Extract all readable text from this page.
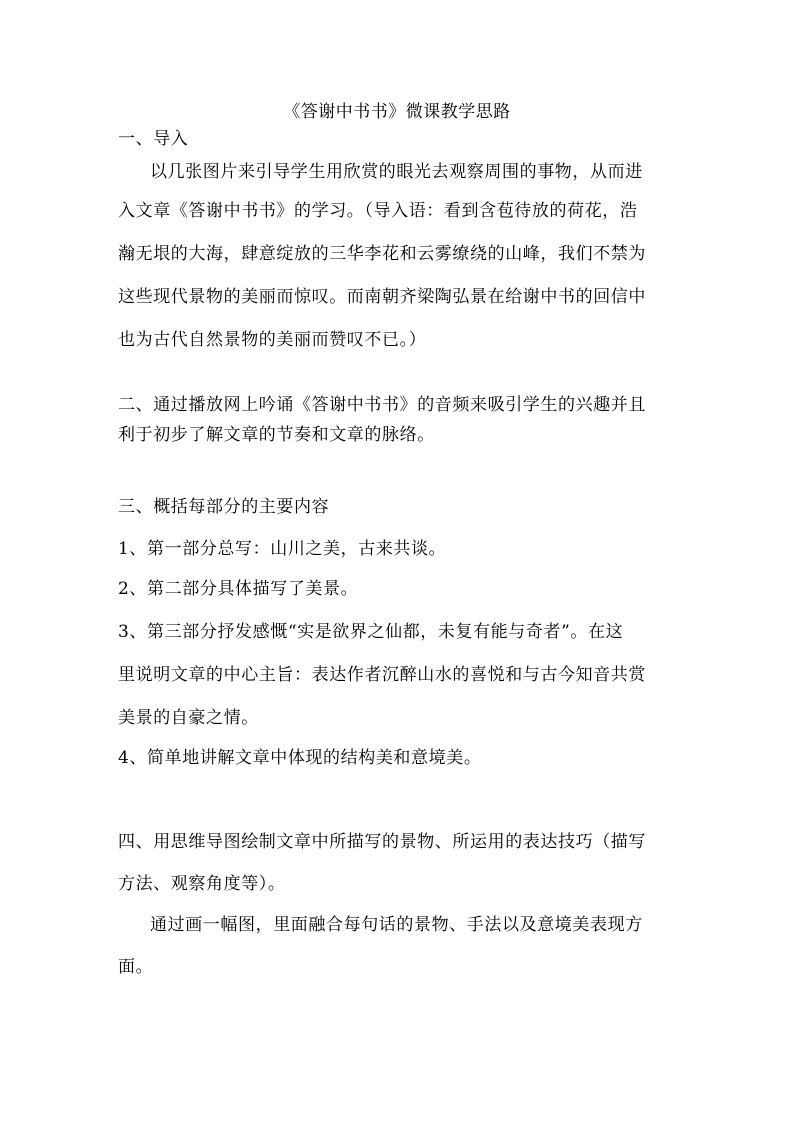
《答谢中书书》微课教学思路
一、导入
以几张图片来引导学生用欣赏的眼光去观察周围的事物，从而进
入文章《答谢中书书》的学习。（导入语：看到含苞待放的荷花，浩
瀚无垠的大海，肆意绽放的三华李花和云雾缭绕的山峰，我们不禁为
这些现代景物的美丽而惊叹。而南朝齐梁陶弘景在给谢中书的回信中
也为古代自然景物的美丽而赞叹不已。）
二、通过播放网上吟诵《答谢中书书》的音频来吸引学生的兴趣并且
利于初步了解文章的节奏和文章的脉络。
三、概括每部分的主要内容
1、第一部分总写：山川之美，古来共谈。
2、第二部分具体描写了美景。
3、第三部分抒发感慨“实是欲界之仙都，未复有能与奇者”。在这
里说明文章的中心主旨：表达作者沉醉山水的喜悦和与古今知音共赏
美景的自豪之情。
4、简单地讲解文章中体现的结构美和意境美。
四、用思维导图绘制文章中所描写的景物、所运用的表达技巧（描写
方法、观察角度等）。
通过画一幅图，里面融合每句话的景物、手法以及意境美表现方
面。
